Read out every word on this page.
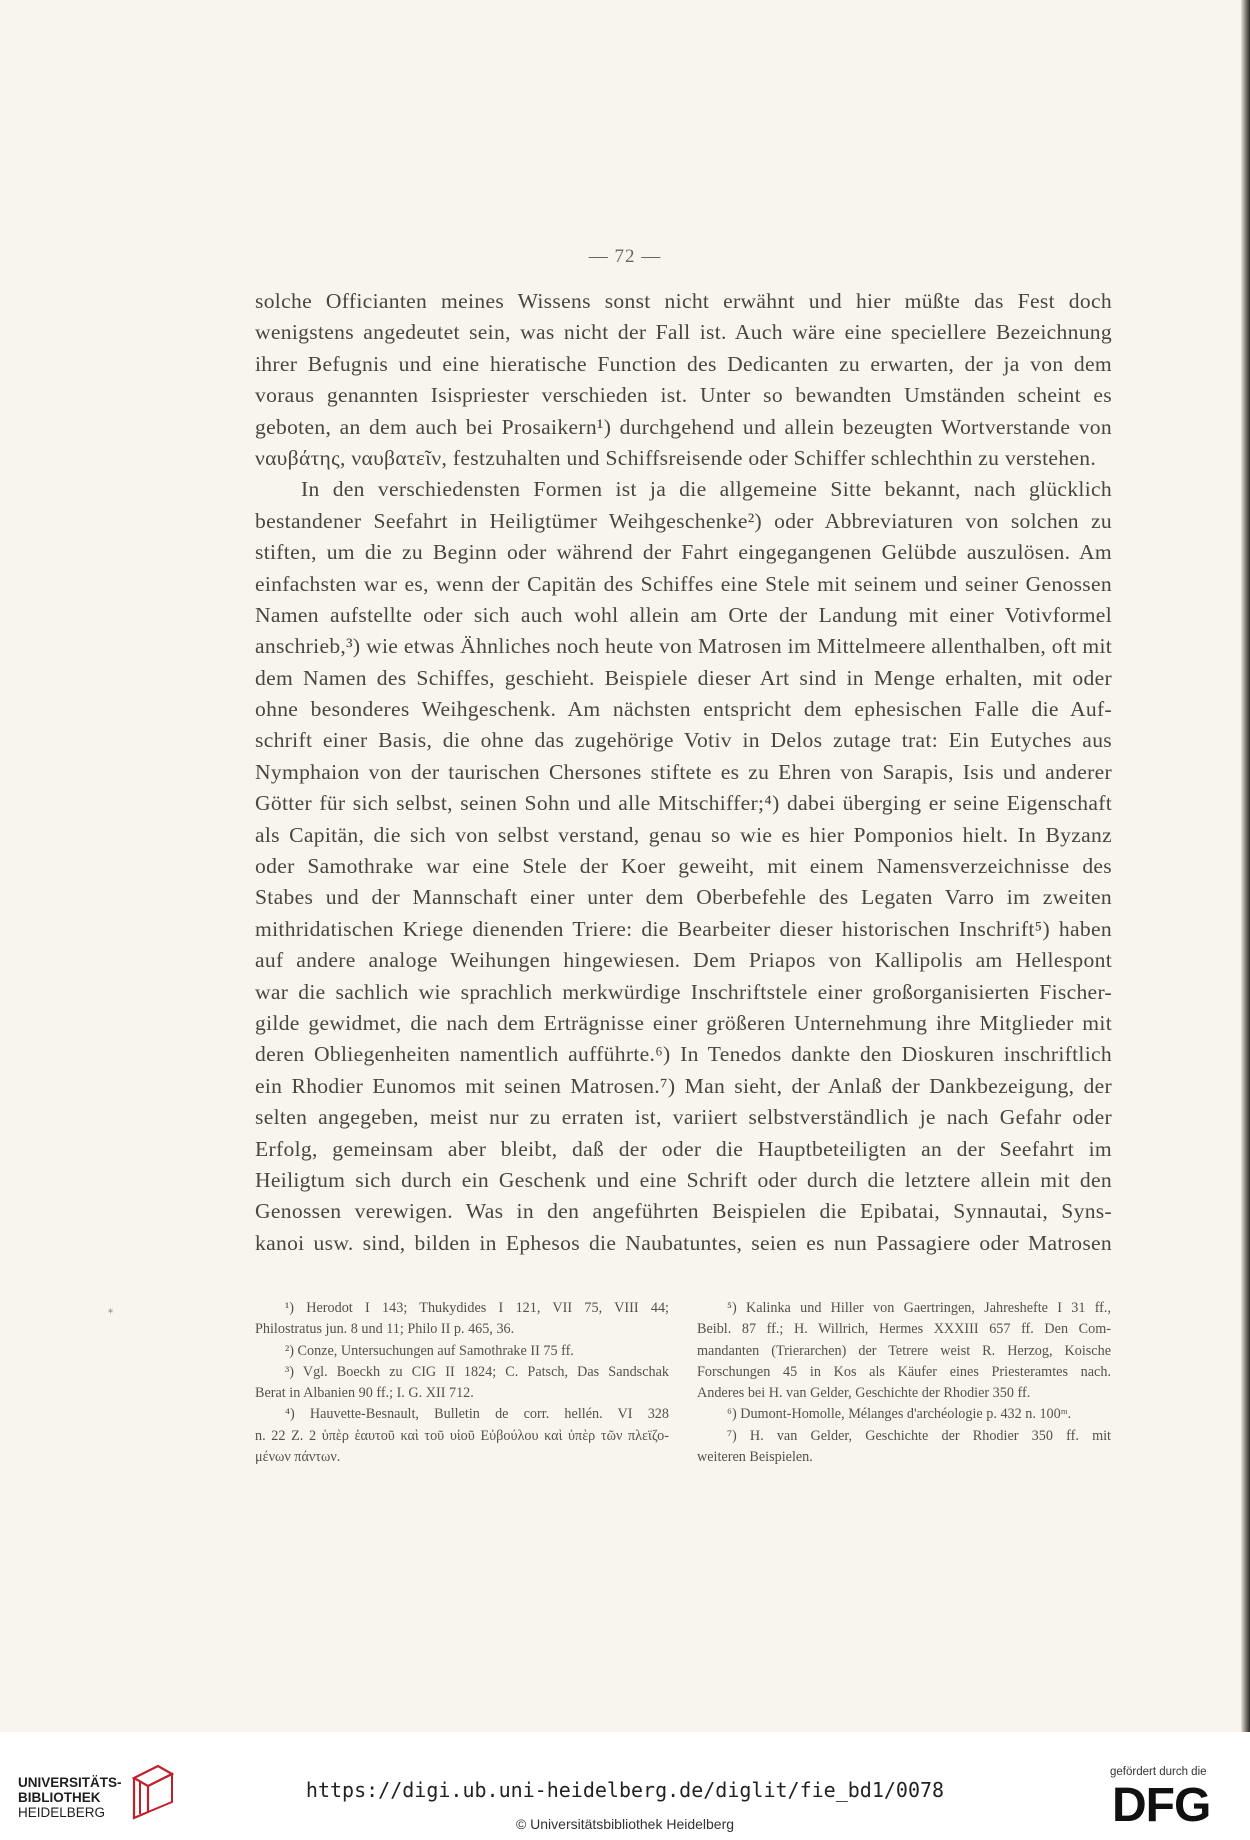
— 72 —
solche Officianten meines Wissens sonst nicht erwähnt und hier müßte das Fest doch
wenigstens angedeutet sein, was nicht der Fall ist. Auch wäre eine speciellere Bezeichnung
ihrer Befugnis und eine hieratische Function des Dedicanten zu erwarten, der ja von dem
voraus genannten Isispriester verschieden ist. Unter so bewandten Umständen scheint es
geboten, an dem auch bei Prosaikern¹) durchgehend und allein bezeugten Wortverstande von
ναυβάτης, ναυβατεῖν, festzuhalten und Schiffsreisende oder Schiffer schlechthin zu verstehen.
In den verschiedensten Formen ist ja die allgemeine Sitte bekannt, nach glücklich
bestandener Seefahrt in Heiligtümer Weihgeschenke²) oder Abbreviaturen von solchen zu
stiften, um die zu Beginn oder während der Fahrt eingegangenen Gelübde auszulösen. Am
einfachsten war es, wenn der Capitän des Schiffes eine Stele mit seinem und seiner Genossen
Namen aufstellte oder sich auch wohl allein am Orte der Landung mit einer Votivformel
anschrieb,³) wie etwas Ähnliches noch heute von Matrosen im Mittelmeere allenthalben, oft mit
dem Namen des Schiffes, geschieht. Beispiele dieser Art sind in Menge erhalten, mit oder
ohne besonderes Weihgeschenk. Am nächsten entspricht dem ephesischen Falle die Auf-
schrift einer Basis, die ohne das zugehörige Votiv in Delos zutage trat: Ein Eutyches aus
Nymphaion von der taurischen Chersones stiftete es zu Ehren von Sarapis, Isis und anderer
Götter für sich selbst, seinen Sohn und alle Mitschiffer;⁴) dabei überging er seine Eigenschaft
als Capitän, die sich von selbst verstand, genau so wie es hier Pomponios hielt. In Byzanz
oder Samothrake war eine Stele der Koer geweiht, mit einem Namensverzeichnisse des
Stabes und der Mannschaft einer unter dem Oberbefehle des Legaten Varro im zweiten
mithridatischen Kriege dienenden Triere: die Bearbeiter dieser historischen Inschrift⁵) haben
auf andere analoge Weihungen hingewiesen. Dem Priapos von Kallipolis am Hellespont
war die sachlich wie sprachlich merkwürdige Inschriftstele einer großorganisierten Fischer-
gilde gewidmet, die nach dem Erträgnisse einer größeren Unternehmung ihre Mitglieder mit
deren Obliegenheiten namentlich aufführte.⁶) In Tenedos dankte den Dioskuren inschriftlich
ein Rhodier Eunomos mit seinen Matrosen.⁷) Man sieht, der Anlaß der Dankbezeigung, der
selten angegeben, meist nur zu erraten ist, variiert selbstverständlich je nach Gefahr oder
Erfolg, gemeinsam aber bleibt, daß der oder die Hauptbeteiligten an der Seefahrt im
Heiligtum sich durch ein Geschenk und eine Schrift oder durch die letztere allein mit den
Genossen verewigen. Was in den angeführten Beispielen die Epibatai, Synnautai, Syns-
kanoi usw. sind, bilden in Ephesos die Naubatuntes, seien es nun Passagiere oder Matrosen
*	¹) Herodot I 143; Thukydides I 121, VII 75, VIII 44;
Philostratus jun. 8 und 11; Philo II p. 465, 36.
²) Conze, Untersuchungen auf Samothrake II 75 ff.
³) Vgl. Boeckh zu CIG II 1824; C. Patsch, Das Sandschak
Berat in Albanien 90 ff.; I. G. XII 712.
⁴) Hauvette-Besnault, Bulletin de corr. hellén. VI 328
n. 22 Z. 2 ὑπὲρ ἑαυτοῦ καὶ τοῦ υἱοῦ Εὐβούλου καὶ ὑπὲρ τῶν πλεϊζο-
μένων πάντων.
⁵) Kalinka und Hiller von Gaertringen, Jahreshefte I 31 ff.,
Beibl. 87 ff.; H. Willrich, Hermes XXXIII 657 ff. Den Com-
mandanten (Trierarchen) der Tetrere weist R. Herzog, Koische
Forschungen 45 in Kos als Käufer eines Priesteramtes nach.
Anderes bei H. van Gelder, Geschichte der Rhodier 350 ff.
⁶) Dumont-Homolle, Mélanges d'archéologie p. 432 n. 100ᵐ.
⁷) H. van Gelder, Geschichte der Rhodier 350 ff. mit
weiteren Beispielen.
UNIVERSITÄTS-
BIBLIOTHEK
HEIDELBERG
https://digi.ub.uni-heidelberg.de/diglit/fie_bd1/0078
© Universitätsbibliothek Heidelberg
gefördert durch die
DFG
